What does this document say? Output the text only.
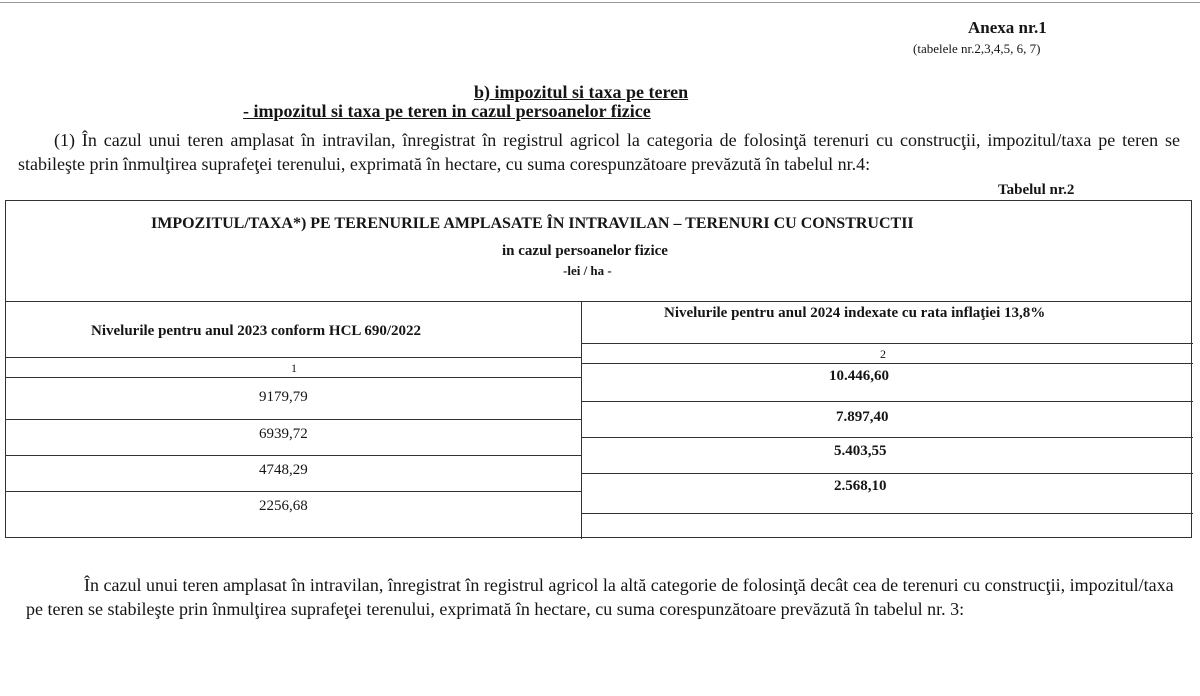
Anexa nr.1
(tabelele nr.2,3,4,5, 6, 7)
b) impozitul si taxa pe teren
- impozitul si taxa pe teren in cazul persoanelor fizice
(1) În cazul unui teren amplasat în intravilan, înregistrat în registrul agricol la categoria de folosinţă terenuri cu construcţii, impozitul/taxa pe teren se stabileşte prin înmulţirea suprafeţei terenului, exprimată în hectare, cu suma corespunzătoare prevăzută în tabelul nr.4:
Tabelul nr.2
IMPOZITUL/TAXA*) PE TERENURILE AMPLASATE ÎN INTRAVILAN – TERENURI CU CONSTRUCTII
in cazul persoanelor fizice
-lei / ha -
Nivelurile pentru anul 2023 conform HCL 690/2022
Nivelurile pentru anul 2024 indexate cu rata inflaţiei 13,8%
1
2
9179,79
6939,72
4748,29
2256,68
10.446,60
7.897,40
5.403,55
2.568,10
În cazul unui teren amplasat în intravilan, înregistrat în registrul agricol la altă categorie de folosinţă decât cea de terenuri cu construcţii, impozitul/taxa pe teren se stabileşte prin înmulţirea suprafeţei terenului, exprimată în hectare, cu suma corespunzătoare prevăzută în tabelul nr. 3:
